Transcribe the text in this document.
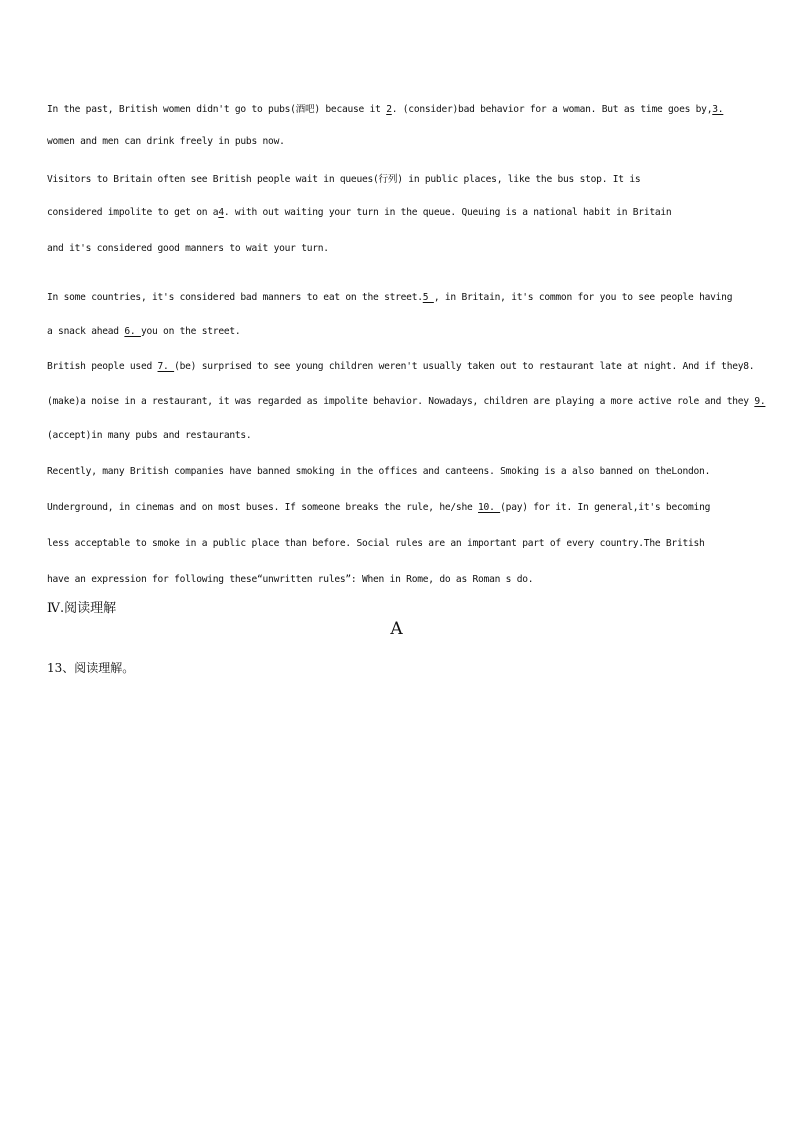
In the past, British women didn't go to pubs(酒吧) because it 2. (consider)bad behavior for a woman. But as time goes by,3.
women and men can drink freely in pubs now.
Visitors to Britain often see British people wait in queues(行列) in public places, like the bus stop. It is
considered impolite to get on a4. with out waiting your turn in the queue. Queuing is a national habit in Britain
and it's considered good manners to wait your turn.
In some countries, it's considered bad manners to eat on the street.5 , in Britain, it's common for you to see people having
a snack ahead 6. you on the street.
British people used 7. (be) surprised to see young children weren't usually taken out to restaurant late at night. And if they8.
(make)a noise in a restaurant, it was regarded as impolite behavior. Nowadays, children are playing a more active role and they 9.
(accept)in many pubs and restaurants.
Recently, many British companies have banned smoking in the offices and canteens. Smoking is a also banned on theLondon.
Underground, in cinemas and on most buses. If someone breaks the rule, he/she 10. (pay) for it. In general,it's becoming
less acceptable to smoke in a public place than before. Social rules are an important part of every country.The British
have an expression for following these“unwritten rules”: When in Rome, do as Roman s do.
Ⅳ.阅读理解
A
13、阅读理解。
